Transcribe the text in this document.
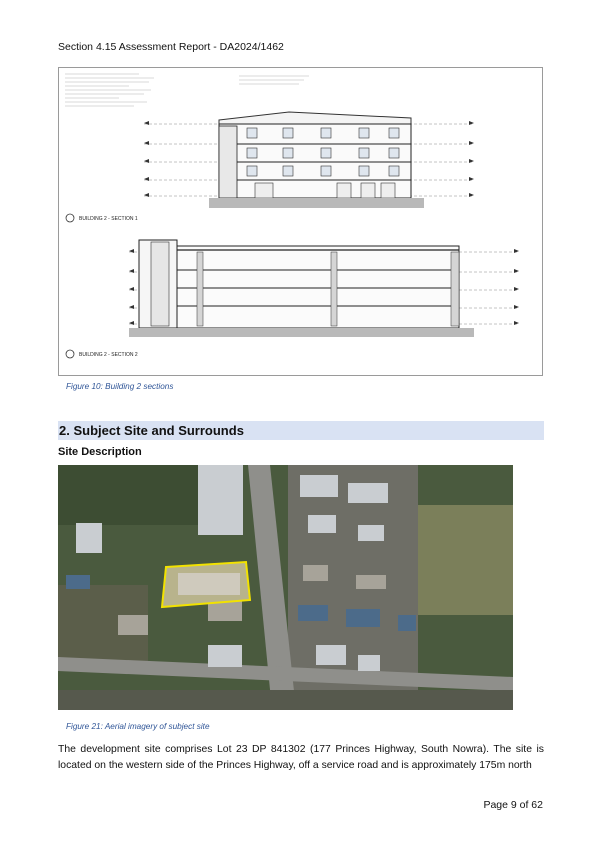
Section 4.15 Assessment Report - DA2024/1462
BUILDING 2 - SECTION 1
BUILDING 2 - SECTION 2
Figure 10: Building 2 sections
2. Subject Site and Surrounds
Site Description
Figure 21: Aerial imagery of subject site
The development site comprises Lot 23 DP 841302 (177 Princes Highway, South Nowra). The site is located on the western side of the Princes Highway, off a service road and is approximately 175m north
Page 9 of 62
